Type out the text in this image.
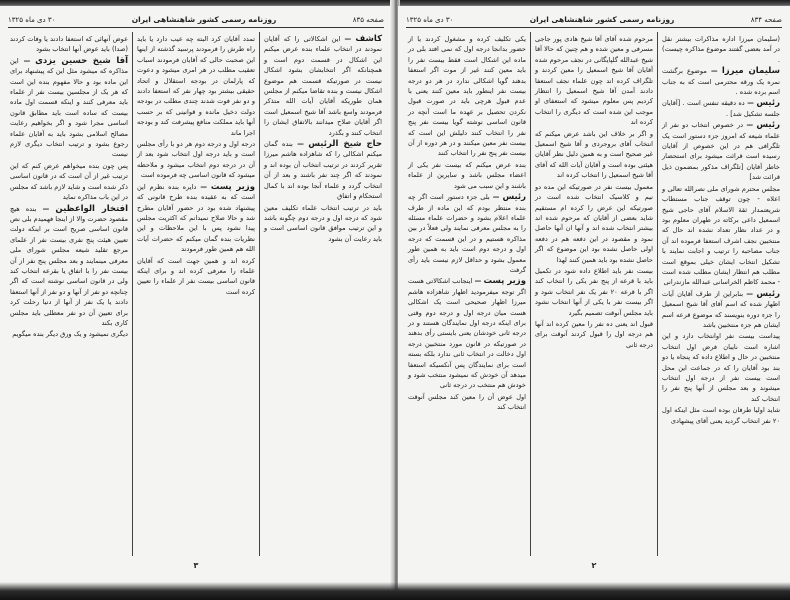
صفحه ۸۳۵
روزنامه رسمی کشور شاهنشاهی ایران
۳۰ دی ماه ۱۳۲۵

کاشف — این اشکالاتی را که آقایان نمودند در انتخاب علماء بنده عرض میکنم این اشکال در قسمت دوم است و همچنانکه اگر انتخابشان بشود اشکال نیست در صورتیکه قسمت هم موضوع اشکال نیست و بنده تقاضا میکنم از مجلس همان طوریکه آقایان آیات الله متذکر فرمودند واسع باشد آقا شیخ اسمعیل است اگر آقایان صلاح میدانند بالاتفاق ایشان را انتخاب کنند و بگذرد

حاج شیخ الرئیس — بنده گمان میکنم اشکالی را که شاهزاده هاشم میرزا تقریر کردند در ترتیب انتخاب آن بوده اند و نمودند که اگر چند نفر باشند و بعد از آن انتخاب گردد و علماء آنجا بوده اند با کمال استحکام و اتفاق

باید در ترتیب انتخاب علماء تکلیف معین شود که درجه اول و درجه دوم چگونه باشد و این ترتیب موافق قانون اساسی است و باید رعایت آن بشود

تمدد آقایان کرد البته چه عیب دارد یا باید راه طرش را فرمودند پرسید گذشته از اینها این صحبت حالی که آقایان فرمودند اسباب تعقیب مطلب در هر امری میشود و دعوت که پارلمان در بودجه استقلال و اتحاد حقیقی بیشتر بود چهار نفر که استعفا دادند و دو نفر فوت شدند چندی مطلب در بودجه دولت دخیل مانده و قوانینی که بر حسب آنها باید مملکت منافع پیشرفت کند و بودجه اجرا ماند

درجه اول و درجه دوم هر دو با رأی مجلس است و باید درجه اول انتخاب شود بعد از آن در درجه دوم انتخاب میشود و ملاحظه میشود که قانون اساسی چه فرموده است

وزیر پست — دایره بنده نظرم این است که به عقیده بنده طرح قانونی که پیشنهاد شده بود در حضور آقایان مطرح شد و حالا صلاح نمیدانم که اکثریت مجلس پیدا نشود پس با این ملاحظات و این نظریات بنده گمان میکنم که حضرات آیات الله هم همین طور فرمودند

کرده اند و همین جهت است که آقایان علماء را معرفی کرده اند و برای اینکه قانون اساسی بیست نفر از علماء را تعیین کرده است

عوض آنهائی که استعفا دادند یا وفات کردند (صدا) باید عوض آنها انتخاب بشود

آقا شیخ حسین یزدی — این مذاکره که میشود مثل این که پیشنهاد برای این ماده بود و حالا مفهوم بنده این است که هر یک از مجلسین بیست نفر از علماء باید معرفی کنند و اینکه قسمت اول ماده بیست که ساده است باید مطابق قانون اساسی مجرا شود و اگر بخواهیم رعایت مصالح اسلامی بشود باید به آقایان علماء رجوع بشود و ترتیب انتخاب دیگری لازم نیست

پس چون بنده میخواهم عرض کنم که این ترتیب غیر از آن است که در قانون اساسی ذکر شده است و شاید لازم باشد که مجلس در این باب مذاکره نماید

افتخار الواعظین — بنده هیچ مقصود حضرت والا از اینجا فهمیدم بلی نص قانون اساسی صریح است بر اینکه دولت تعیین هیئت پنج نفری بیست نفر از علمای مرجع تقلید شیعه مجلس شورای ملی معرفی مینمایند و بعد مجلس پنج نفر از آن بیست نفر را با اتفاق یا بقرعه انتخاب کند ولی در قانون اساسی نوشته است که اگر چنانچه دو نفر از آنها و دو نفر از آنها استعفا دادند یا یک نفر از آنها از دنیا رحلت کرد برای تعیین آن دو نفر معطلی باید مجلس کاری بکند

دیگری نمیشود و یک ورق دیگر بنده میگویم

۳
صفحه ۸۳۴
روزنامه رسمی کشور شاهنشاهی ایران
۳۰ دی ماه ۱۳۲۵

(سلیمان میرزا اداره مذاکرات بیشتر نقل در آمد بعضی گفتند موضوع مذاکره چیست) .

سلیمان میرزا — موضوع برگشت نمره یک ورقه محترمی است که به جناب اسم برده شده .

رئیس — ده دقیقه تنفس است . [آقایان جلسه تشکیل شد] .

رئیس — در خصوص انتخاب دو نفر از علماء شیعه که امروز جزء دستور است یک تلگرافی هم در این خصوص از آقایان رسیده است قرائت میشود برای استحضار خاطر آقایان [تلگراف مذکور بمضمون ذیل قرائت شد]

مجلس محترم شورای ملی نصرالله تعالی و اعلاه - چون توقف جناب مستطاب شریعتمدار ثقة الاسلام آقای حاجی شیخ اسمعیل داعی برکاته در طهران معلوم بود و در عداد نظار تعداد نشده اند حال که منتخبین نجف اشرف استعفا فرموده اند آن جناب مصاحبه را ترتیب و اجابت نمایند با تشکیل انتخاب ایشان خیلی بموقع است مطلب هم انتظار ایشان مطلب شده است - محمد کاظم الخراسانی عبدالله مازندرانی

رئیس — بنابراین از طرف آقایان آیات اظهار شده که اسم آقای آقا شیخ اسمعیل را جزء دوره بنویسند که موضوع قرعه اسم ایشان هم جزء منتخبین باشد

پیداست بیست نفر اوانتخاب دارد و این اشاره است نایبان فرض اول انتخاب منتخبین در حال و اطلاع داده که پنجاه یا دو بند بود آقایان را که در جماعت این محل است بیست نفر از درجه اول انتخاب میشوند و بعد مجلس از آنها پنج نفر را انتخاب کند

شاید اولیا طرفان بوده است مثل اینکه اول ۲۰ نفر انتخاب گردید یعنی آقای پیشهادی

مرحوم شده آقای آقا شیخ هادی پور جاجی مسرفی و معین شده و هم چنین که حالا آقا شیخ عبدالله گلپایگانی در نجف مرحوم شده آقایان آقا شیخ اسمعیل را معین کردند و تلگراف کرده اند چون علماء نجف استعفا دادند آمدن آقا شیخ اسمعیل را انتظار کردیم پس معلوم میشود که استعفای او موجب این شده است که دیگری را انتخاب کرده اند

و اگر بر خلاف این باشد عرض میکنم که انتخاب آقای بروجردی و آقا شیخ اسمعیل غیر صحیح است و به همین دلیل نظر آقایان هیئتی بوده است و آقایان آیات الله که آقای آقا شیخ اسمعیل را انتخاب کرده اند

معمول بیست نفر در صورتیکه این مده دو نیم و کلاسیک انتخاب شده است در صورتیکه این عرض را کرده ام مستقیم شاید بعضی از آقایان که مرحوم شده اند بیشتر انتخاب شده اند و آنها ان آنها حاصل نمود و مقصود در این دفعه هم در دفعه اولی حاصل نشده بود این موضوع که اگر حاصل نشده بود باید همین کنند لهذا

بیست نفر باید اطلاع داده شود در تکمیل باید با قرعه از پنج نفر یکی را انتخاب کند اگر با قرعه ۲۰ نفر یک نفر انتخاب شود و اگر بیست نفر با یکی از آنها انتخاب نشود باید مجلس آنوقت تصمیم بگیرد

قبول اند یعنی ده نفر را معین کرده اند آنها هم درجه اول را قبول کردند آنوقت برای درجه ثانی

یکی تکلیف کرده و مشغول کردند یا از حضور بدانجا درجه اول که نمی افتد بلی در ماده این اشکال است فقط بیست نفر را باید معین کنند غیر از موت اگر استعفا بدهند گویا اشکالی ندارد در هر دو درجه بیست نفر اینطور باید معین کنند یعنی با عدم قبول هرچی باید در صورت قبول نکردن تحصیل بر عهده ما است آنچه در قانون اساسی نوشته گویا بیست نفر پنج نفر را انتخاب کنند دلیلش این است که بیست نفر معین میکنند و در هر دوره از آن بیست نفر پنج نفر را انتخاب کنند

بنده عرض میکنم که بیست نفر یکی از اعضاء مجلس باشد و سایرین از علماء باشند و این سبب می شود

رئیس — بلی جزء دستور است اگر چه بنده منتظر بودم که این ماده از طرف علماء اعلام بشود و حضرات علماء مسئله را به مجلس معرفی نمایند ولی فعلاً در بین مذاکره هستیم و در این قسمت که درجه اول و درجه دوم است باید به همین طور معمول بشود و حداقل لازم نیست باید رأی گرفت

وزیر پست — اینجانب اشکالاتی هست اگر توجه میفرمودید اظهار شاهزاده هاشم میرزا اظهار صحیحی است یک اشکالی هست میان درجه اول و درجه دوم وقتی برای اینکه درجه اول نمایندگان هستند و در درجه ثانی خودشان یعنی بایستی رأی بدهند در صورتیکه در قانون مورد منتخبین درجه اول دخالت در انتخاب ثانی ندارد بلکه بسته است برای نمایندگان پس آنکسیکه استعفا میدهد آن خودش که نمیشود منتخب شود و خودش هم منتخب در درجه ثانی

اول عوض آن را معین کند مجلس آنوقت انتخاب کند

۲
